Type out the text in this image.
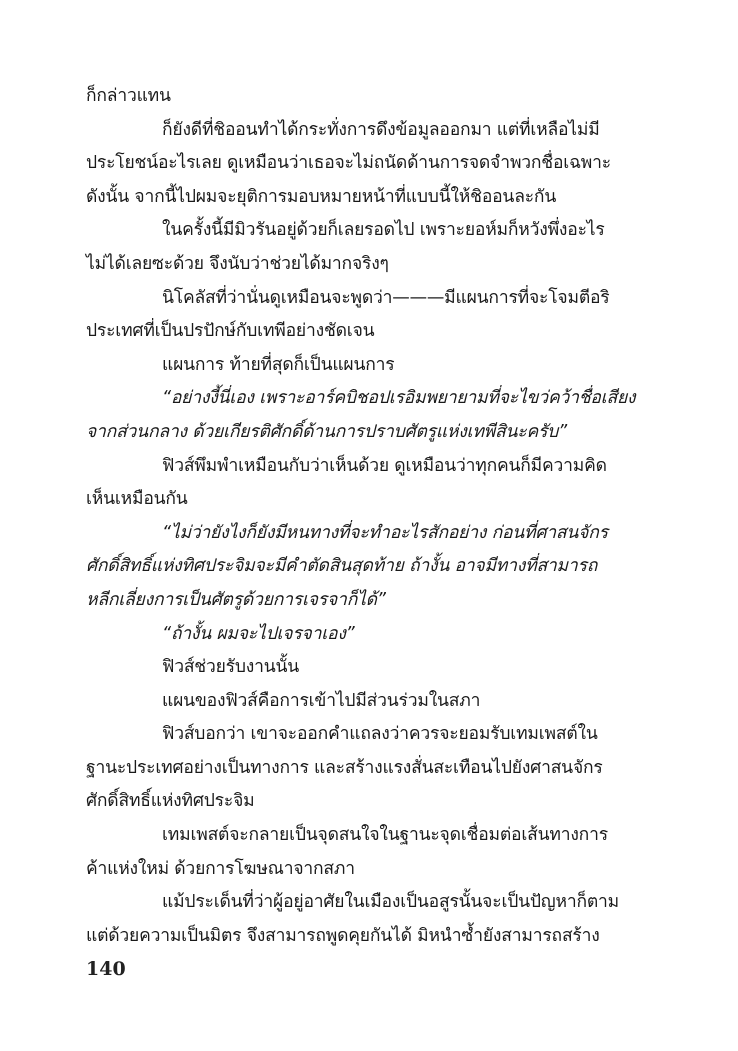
ก็กล่าวแทน
ก็ยังดีที่ชิออนทำได้กระทั่งการดึงข้อมูลออกมา แต่ที่เหลือไม่มี
ประโยชน์อะไรเลย ดูเหมือนว่าเธอจะไม่ถนัดด้านการจดจำพวกชื่อเฉพาะ
ดังนั้น จากนี้ไปผมจะยุติการมอบหมายหน้าที่แบบนี้ให้ชิออนละกัน
ในครั้งนี้มีมิวรันอยู่ด้วยก็เลยรอดไป เพราะยอห์มก็หวังพึ่งอะไร
ไม่ได้เลยซะด้วย จึงนับว่าช่วยได้มากจริงๆ
นิโคลัสที่ว่านั่นดูเหมือนจะพูดว่า———มีแผนการที่จะโจมตีอริ
ประเทศที่เป็นปรปักษ์กับเทพีอย่างชัดเจน
แผนการ ท้ายที่สุดก็เป็นแผนการ
“อย่างงี้นี่เอง เพราะอาร์คบิชอปเรอิมพยายามที่จะไขว่คว้าชื่อเสียง
จากส่วนกลาง ด้วยเกียรติศักดิ์ด้านการปราบศัตรูแห่งเทพีสินะครับ”
ฟิวส์พึมพำเหมือนกับว่าเห็นด้วย ดูเหมือนว่าทุกคนก็มีความคิด
เห็นเหมือนกัน
“ไม่ว่ายังไงก็ยังมีหนทางที่จะทำอะไรสักอย่าง ก่อนที่ศาสนจักร
ศักดิ์สิทธิ์แห่งทิศประจิมจะมีคำตัดสินสุดท้าย ถ้างั้น อาจมีทางที่สามารถ
หลีกเลี่ยงการเป็นศัตรูด้วยการเจรจาก็ได้”
“ถ้างั้น ผมจะไปเจรจาเอง”
ฟิวส์ช่วยรับงานนั้น
แผนของฟิวส์คือการเข้าไปมีส่วนร่วมในสภา
ฟิวส์บอกว่า เขาจะออกคำแถลงว่าควรจะยอมรับเทมเพสต์ใน
ฐานะประเทศอย่างเป็นทางการ และสร้างแรงสั่นสะเทือนไปยังศาสนจักร
ศักดิ์สิทธิ์แห่งทิศประจิม
เทมเพสต์จะกลายเป็นจุดสนใจในฐานะจุดเชื่อมต่อเส้นทางการ
ค้าแห่งใหม่ ด้วยการโฆษณาจากสภา
แม้ประเด็นที่ว่าผู้อยู่อาศัยในเมืองเป็นอสูรนั้นจะเป็นปัญหาก็ตาม
แต่ด้วยความเป็นมิตร จึงสามารถพูดคุยกันได้ มิหนำซ้ำยังสามารถสร้าง
140
